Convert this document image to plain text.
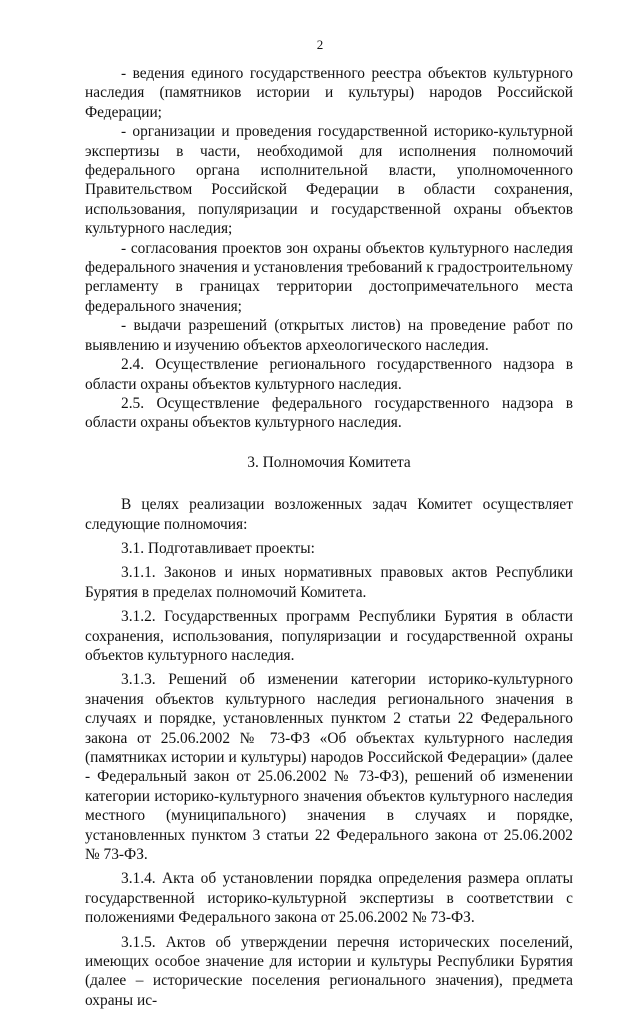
2

- ведения единого государственного реестра объектов культурного наследия (памятников истории и культуры) народов Российской Федерации;

- организации и проведения государственной историко-культурной экспертизы в части, необходимой для исполнения полномочий федерального органа исполнительной власти, уполномоченного Правительством Российской Федерации в области сохранения, использования, популяризации и государственной охраны объектов культурного наследия;

- согласования проектов зон охраны объектов культурного наследия федерального значения и установления требований к градостроительному регламенту в границах территории достопримечательного места федерального значения;

- выдачи разрешений (открытых листов) на проведение работ по выявлению и изучению объектов археологического наследия.

2.4. Осуществление регионального государственного надзора в области охраны объектов культурного наследия.

2.5. Осуществление федерального государственного надзора в области охраны объектов культурного наследия.

3. Полномочия Комитета

В целях реализации возложенных задач Комитет осуществляет следующие полномочия:

3.1. Подготавливает проекты:

3.1.1. Законов и иных нормативных правовых актов Республики Бурятия в пределах полномочий Комитета.

3.1.2. Государственных программ Республики Бурятия в области сохранения, использования, популяризации и государственной охраны объектов культурного наследия.

3.1.3. Решений об изменении категории историко-культурного значения объектов культурного наследия регионального значения в случаях и порядке, установленных пунктом 2 статьи 22 Федерального закона от 25.06.2002 № 73-ФЗ «Об объектах культурного наследия (памятниках истории и культуры) народов Российской Федерации» (далее - Федеральный закон от 25.06.2002 № 73-ФЗ), решений об изменении категории историко-культурного значения объектов культурного наследия местного (муниципального) значения в случаях и порядке, установленных пунктом 3 статьи 22 Федерального закона от 25.06.2002 № 73-ФЗ.

3.1.4. Акта об установлении порядка определения размера оплаты государственной историко-культурной экспертизы в соответствии с положениями Федерального закона от 25.06.2002 № 73-ФЗ.

3.1.5. Актов об утверждении перечня исторических поселений, имеющих особое значение для истории и культуры Республики Бурятия (далее – исторические поселения регионального значения), предмета охраны ис-
